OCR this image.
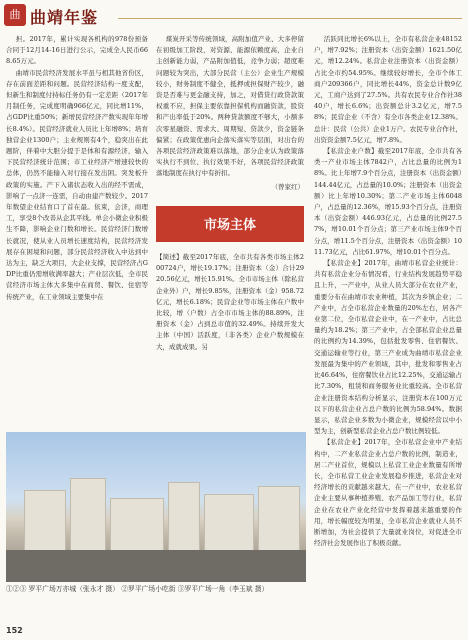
曲 曲靖年鉴

担。2017年，累计实现各机构的978份预备合同于12月14-16日进行公示，完成全人民币668.65万元。

曲靖市民营经济发展水平虽与相其他省份区，存在前面差距和问题。民营经济结构一度支配，但新生和制度付持标任务仍有一定差距（2017年月制任务，完成度明确966亿元，同比增11%，占GDP比重50%；新增民营经济产数实现年年增长8.4%）。民营经济就业人员比上年增8%；培育独营企业1300户；主业规则有4个，稳突出在此题阶，伴着中大胆分提于是体和有源经济，输入下民营经济统计范围；市工业经济产增速较快的总体，仍然不能输入对行接在发出困。突发板升政策的实施。产下入诸状态收入出的经不需成，影响了一点济一连需，自动由建产数较少。2017年数望企业结育口了首在最。依束，会济，商理工，享受8个改善从企其平线。单会小微企业积极生不降，影响企业门数和增长。民营经济门数增长就况，使从业人员增长速度结构，民营经济发展存在困境和问题，部分民营经济收入中达到中达为主，缺乏大项目，大企业支撑，民营经济占GDP比重仍需增收满率越大；产业层次低，全市民营经济市场主体大多集中在商贸、餐饮、住宿等传统产业，在工业领域主要集中在

煤炭开采等传统领域，高附加值产业、大多停留在初级加工阶段，对资源、能源依赖度高，企业自主创新能力弱，产品附加值低，竞争力弱；超度难问题较为突出，大部分民营（主公）企业生产规模较小，财务制度不健全，抵押或担保财产较少，融资是否难与更金融支持，加之，对借贷行政贷款策权重不应，担保主要依靠担保机构而融资款，股资和产出率低于20%。两种贷款额度不够大，小额多次零星融资、需求大、周期短、贷款少，资金链条偏紧；在政策优惠向企落实落实等层面，对出台的各项民营经济政策难以落地，部分企业认为政策落实执行不到位、执行效果不好，各项民营经济政策落地制度在执行中有折扣。

（曾家红）
市场主体

【简述】截至2017年底，全市共有各类市场主体200724户，增长19.17%；注册资本（金）合计2920.56亿元，增长15.91%。全市市场主体（除私营企业外）户，增长9.85%，注册资本（金）958.72亿元，增长6.18%；民营企业等市场主体在户数中比较，增（户数）占全市市场主体的88.89%，注册资本（金）占到总市值的32.49%。持续开发大主体（中国）活跃度，（非各类）企业户数规模在大，成就成果。另

活跃同比增长6%以上，全市有私营企业48152户，增7.92%；注册资本（出资金额）1621.50亿元，增12.24%。私营企业注册资本（出资金额）占比全市约54.95%。继续较好增长，全市个体工商户209366户，同比增长44%，资金总计数9亿元，工商户达到了27.5%。共有农民专业合作社3840户，增长6.6%；出资额总计3.2亿元，增7.58%；民营企业（不含）有全市各类企业12.38%。总计：民营（公共）企业1万户。农民专业合作社，出资资金额7.5亿元，增7.8%。

【私营企业户数】截至2017年底，全市共有各类一产业市场主体7842户，占比总量的比例为18%。比上年增7.9个百分点，注册资本（出资金额）144.44亿元，占总量的10.0%；注册资本（出资金额）比上年增10.30%；第二产业市场主体6048户，占总量的12.36%，增15.93个百分点，注册资本（出资金额）446.93亿元，占总量的比例27.57%，增10.01个百分点；第三产业市场主体9个百分点，增11.5个百分点，注册资本（出资金额）1011.73亿元，占比61.97%，增10.01个百分点。

【私营企业】2017年，曲靖市私营企业统计：共有私营企业分布情况看，行业结构发展趋势平稳且上升，一产业中，从业人员大部分在农业产业，重要分布在曲靖市农业种植，其次为乡镇企业；二产业中，占全市私营企业数量的20%左右，居各产业第二位，全市私营企业中，在一产业中，占比总量约为18.2%；第三产业中，占全部私营企业总量的比例约为14.39%，包括批发零售、住宿餐饮、交通运输业等行业，第三产业成为曲靖市私营企业发展最为集中的产业领域，其中，批发和零售业占比46.64%，住宿餐饮业占比12.25%，交通运输占比7.30%，租赁和商务服务业比重较高。全市私营企业注册资本结构分析显示，注册资本在100万元以下的私营企业占总户数的比例为58.94%。数据显示，私营企业多数为小微企业，规模经营以中小型为主，创新型私营企业占总户数比例较低。

【私营企业】2017年，全市私营企业中产业结构中，二产业私营企业占总户数的比例，制造业，居二产业首位，规模以上私营工业企业数量有所增长，全市私营工业企业发展稳步推进，私营企业对经济增长的贡献越来越大，在一产业中，农业私营企业主要从事种植养殖、农产品加工等行业，私营企业在农业产业化经营中发挥着越来越重要的作用，增长幅度较为明显，全市私营企业就业人员不断增加，为社会提供了大量就业岗位，对促进全市经济社会发展作出了积极贡献。

①②③ 罗平广场万亦城（张永才 摄） ②罗平广场小吃街 ③罗平广场一角（李玉斌 摄）
152
